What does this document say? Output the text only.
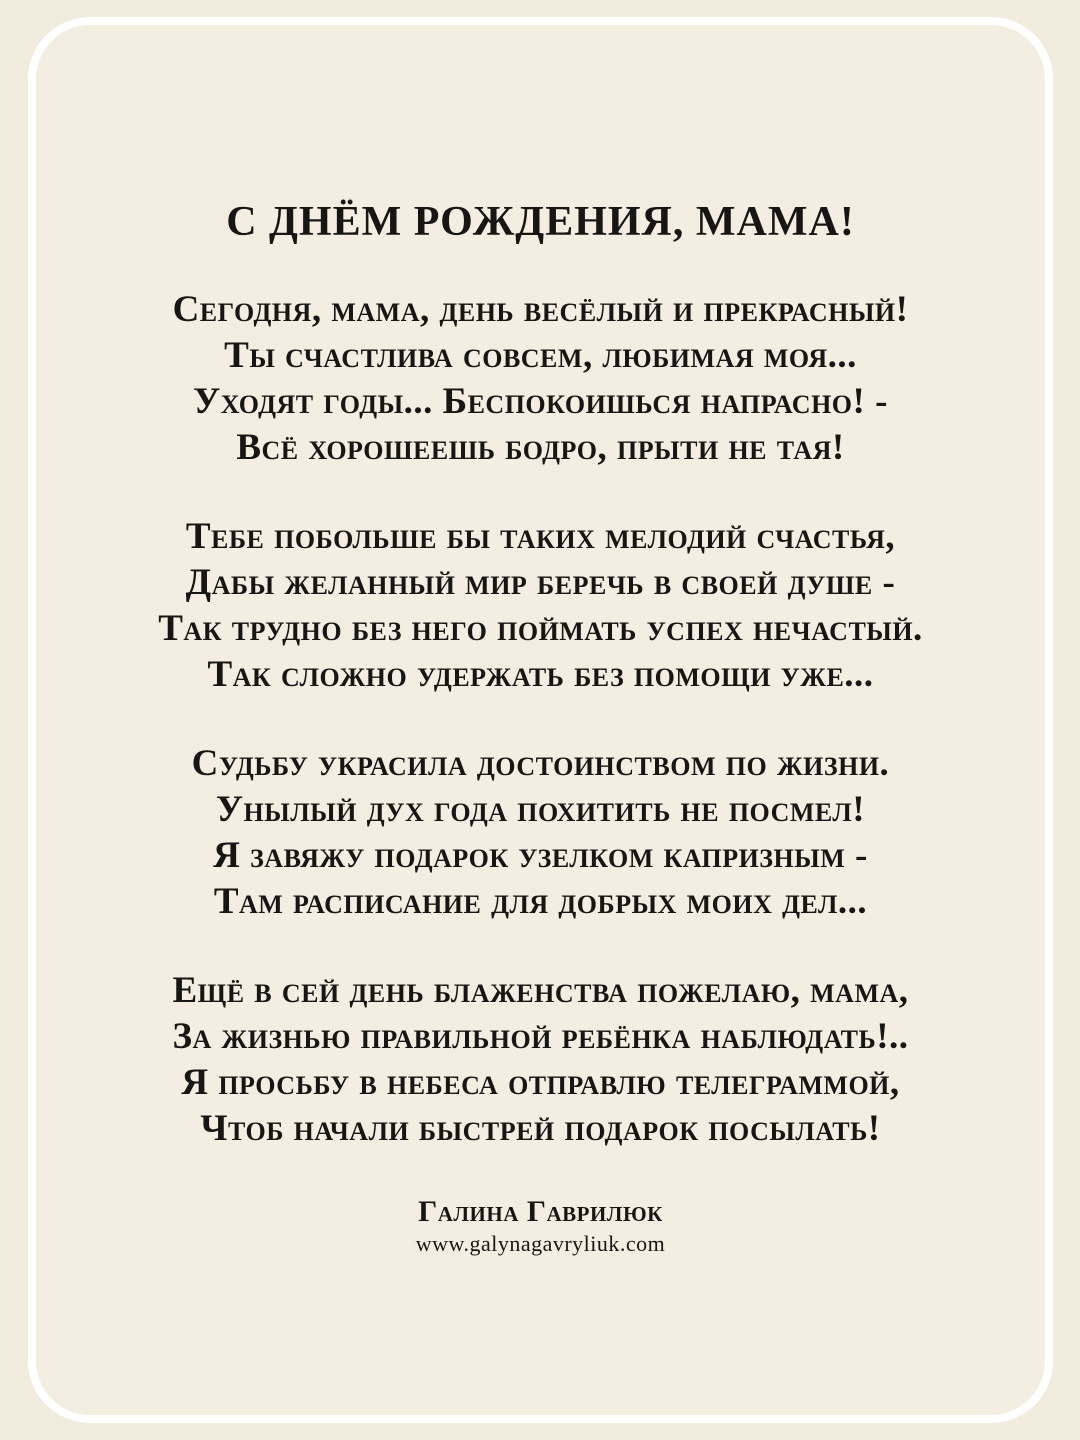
С ДНЁМ РОЖДЕНИЯ, МАМА!

Сегодня, мама, день весёлый и прекрасный!

Ты счастлива совсем, любимая моя...

Уходят годы... Беспокоишься напрасно! -

Всё хорошеешь бодро, прыти не тая!

Тебе побольше бы таких мелодий счастья,

Дабы желанный мир беречь в своей душе -

Так трудно без него поймать успех нечастый.

Так сложно удержать без помощи уже...

Судьбу украсила достоинством по жизни.

Унылый дух года похитить не посмел!

Я завяжу подарок узелком капризным -

Там расписание для добрых моих дел...

Ещё в сей день блаженства пожелаю, мама,

За жизнью правильной ребёнка наблюдать!..

Я просьбу в небеса отправлю телеграммой,

Чтоб начали быстрей подарок посылать!

Галина Гаврилюк
www.galynagavryliuk.com
